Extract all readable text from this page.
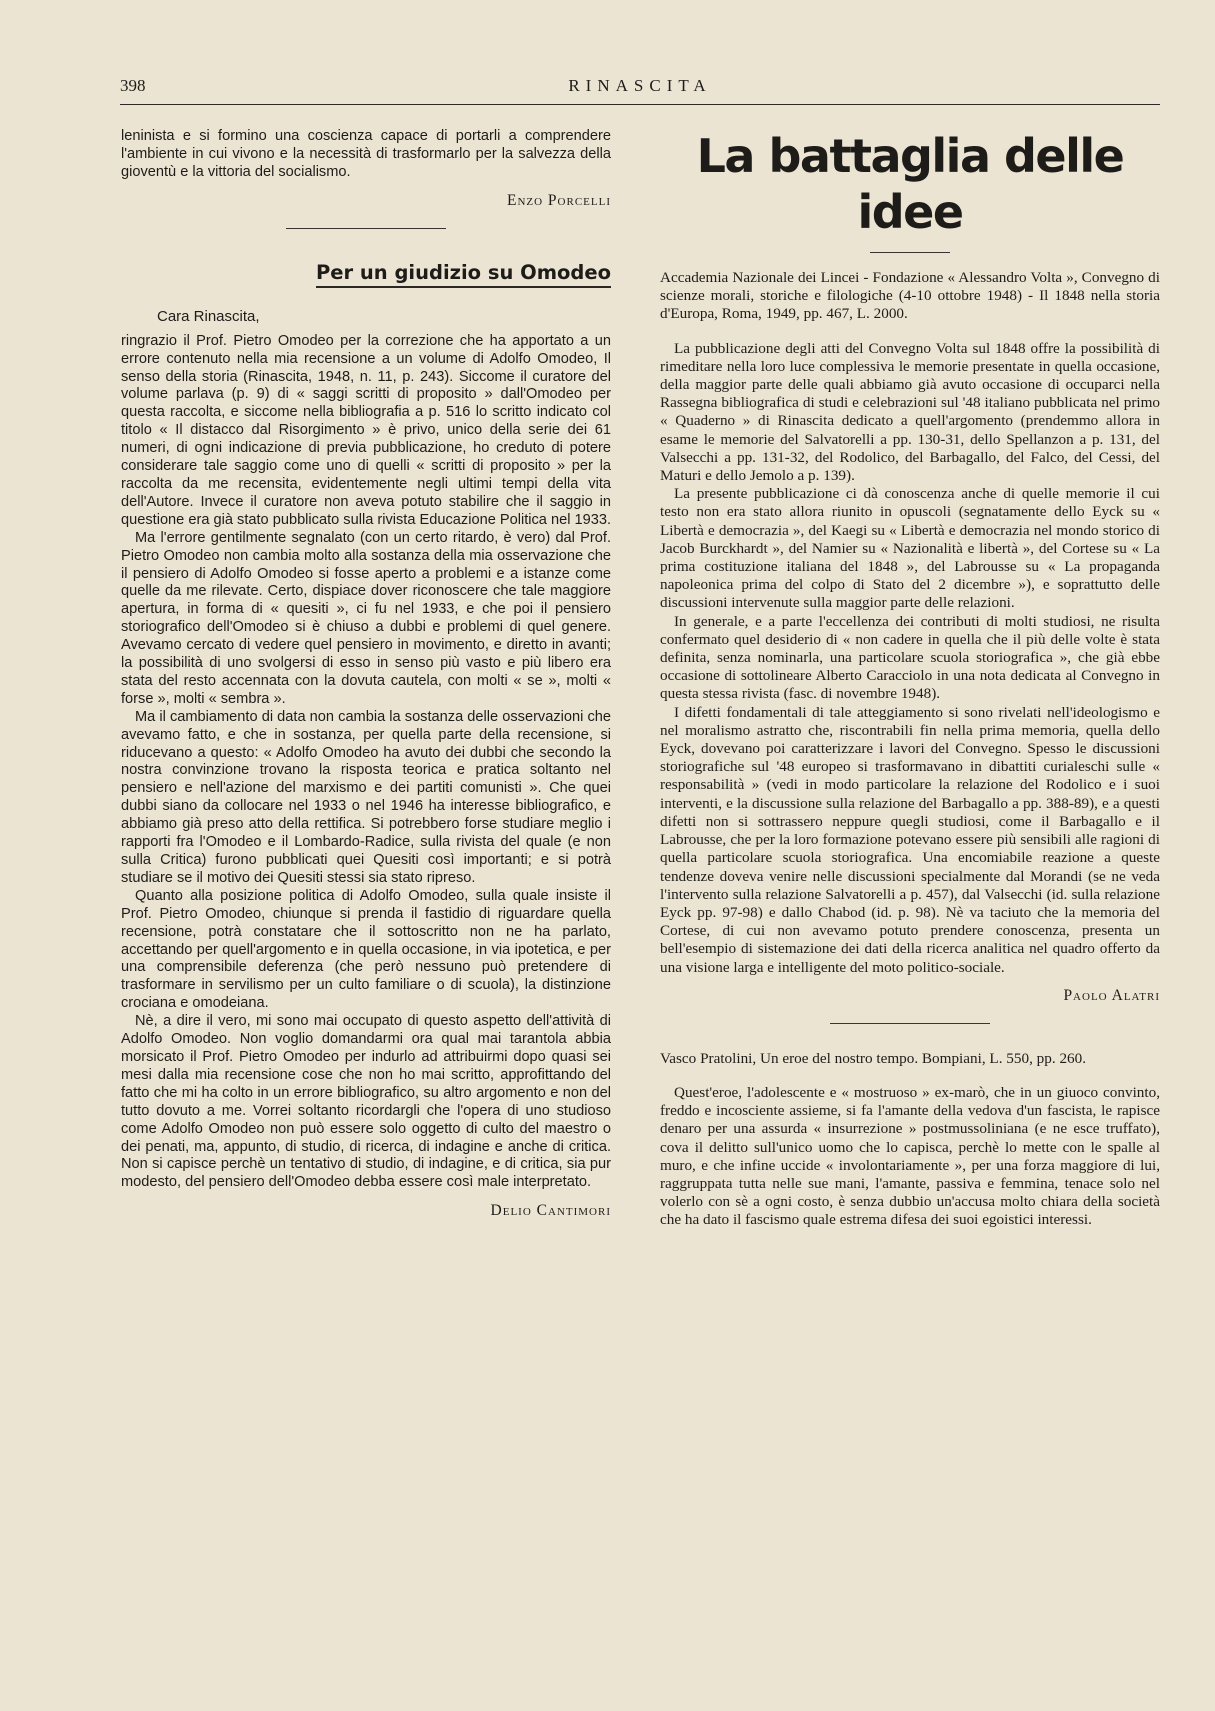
398	RINASCITA

leninista e si formino una coscienza capace di portarli a comprendere l'ambiente in cui vivono e la necessità di trasformarlo per la salvezza della gioventù e la vittoria del socialismo.

Enzo Porcelli
Per un giudizio su Omodeo
Cara Rinascita,

ringrazio il Prof. Pietro Omodeo per la correzione che ha apportato a un errore contenuto nella mia recensione a un volume di Adolfo Omodeo, Il senso della storia (Rinascita, 1948, n. 11, p. 243). Siccome il curatore del volume parlava (p. 9) di « saggi scritti di proposito » dall'Omodeo per questa raccolta, e siccome nella bibliografia a p. 516 lo scritto indicato col titolo « Il distacco dal Risorgimento » è privo, unico della serie dei 61 numeri, di ogni indicazione di previa pubblicazione, ho creduto di potere considerare tale saggio come uno di quelli « scritti di proposito » per la raccolta da me recensita, evidentemente negli ultimi tempi della vita dell'Autore. Invece il curatore non aveva potuto stabilire che il saggio in questione era già stato pubblicato sulla rivista Educazione Politica nel 1933.

Ma l'errore gentilmente segnalato (con un certo ritardo, è vero) dal Prof. Pietro Omodeo non cambia molto alla sostanza della mia osservazione che il pensiero di Adolfo Omodeo si fosse aperto a problemi e a istanze come quelle da me rilevate. Certo, dispiace dover riconoscere che tale maggiore apertura, in forma di « quesiti », ci fu nel 1933, e che poi il pensiero storiografico dell'Omodeo si è chiuso a dubbi e problemi di quel genere. Avevamo cercato di vedere quel pensiero in movimento, e diretto in avanti; la possibilità di uno svolgersi di esso in senso più vasto e più libero era stata del resto accennata con la dovuta cautela, con molti « se », molti « forse », molti « sembra ».

Ma il cambiamento di data non cambia la sostanza delle osservazioni che avevamo fatto, e che in sostanza, per quella parte della recensione, si riducevano a questo: « Adolfo Omodeo ha avuto dei dubbi che secondo la nostra convinzione trovano la risposta teorica e pratica soltanto nel pensiero e nell'azione del marxismo e dei partiti comunisti ». Che quei dubbi siano da collocare nel 1933 o nel 1946 ha interesse bibliografico, e abbiamo già preso atto della rettifica. Si potrebbero forse studiare meglio i rapporti fra l'Omodeo e il Lombardo-Radice, sulla rivista del quale (e non sulla Critica) furono pubblicati quei Quesiti così importanti; e si potrà studiare se il motivo dei Quesiti stessi sia stato ripreso.

Quanto alla posizione politica di Adolfo Omodeo, sulla quale insiste il Prof. Pietro Omodeo, chiunque si prenda il fastidio di riguardare quella recensione, potrà constatare che il sottoscritto non ne ha parlato, accettando per quell'argomento e in quella occasione, in via ipotetica, e per una comprensibile deferenza (che però nessuno può pretendere di trasformare in servilismo per un culto familiare o di scuola), la distinzione crociana e omodeiana.

Nè, a dire il vero, mi sono mai occupato di questo aspetto dell'attività di Adolfo Omodeo. Non voglio domandarmi ora qual mai tarantola abbia morsicato il Prof. Pietro Omodeo per indurlo ad attribuirmi dopo quasi sei mesi dalla mia recensione cose che non ho mai scritto, approfittando del fatto che mi ha colto in un errore bibliografico, su altro argomento e non del tutto dovuto a me. Vorrei soltanto ricordargli che l'opera di uno studioso come Adolfo Omodeo non può essere solo oggetto di culto del maestro o dei penati, ma, appunto, di studio, di ricerca, di indagine e anche di critica. Non si capisce perchè un tentativo di studio, di indagine, e di critica, sia pur modesto, del pensiero dell'Omodeo debba essere così male interpretato.

Delio Cantimori
La battaglia delle idee
Accademia Nazionale dei Lincei - Fondazione « Alessandro Volta », Convegno di scienze morali, storiche e filologiche (4-10 ottobre 1948) - Il 1848 nella storia d'Europa, Roma, 1949, pp. 467, L. 2000.

La pubblicazione degli atti del Convegno Volta sul 1848 offre la possibilità di rimeditare nella loro luce complessiva le memorie presentate in quella occasione, della maggior parte delle quali abbiamo già avuto occasione di occuparci nella Rassegna bibliografica di studi e celebrazioni sul '48 italiano pubblicata nel primo « Quaderno » di Rinascita dedicato a quell'argomento (prendemmo allora in esame le memorie del Salvatorelli a pp. 130-31, dello Spellanzon a p. 131, del Valsecchi a pp. 131-32, del Rodolico, del Barbagallo, del Falco, del Cessi, del Maturi e dello Jemolo a p. 139).

La presente pubblicazione ci dà conoscenza anche di quelle memorie il cui testo non era stato allora riunito in opuscoli (segnatamente dello Eyck su « Libertà e democrazia », del Kaegi su « Libertà e democrazia nel mondo storico di Jacob Burckhardt », del Namier su « Nazionalità e libertà », del Cortese su « La prima costituzione italiana del 1848 », del Labrousse su « La propaganda napoleonica prima del colpo di Stato del 2 dicembre »), e soprattutto delle discussioni intervenute sulla maggior parte delle relazioni.

In generale, e a parte l'eccellenza dei contributi di molti studiosi, ne risulta confermato quel desiderio di « non cadere in quella che il più delle volte è stata definita, senza nominarla, una particolare scuola storiografica », che già ebbe occasione di sottolineare Alberto Caracciolo in una nota dedicata al Convegno in questa stessa rivista (fasc. di novembre 1948).

I difetti fondamentali di tale atteggiamento si sono rivelati nell'ideologismo e nel moralismo astratto che, riscontrabili fin nella prima memoria, quella dello Eyck, dovevano poi caratterizzare i lavori del Convegno. Spesso le discussioni storiografiche sul '48 europeo si trasformavano in dibattiti curialeschi sulle « responsabilità » (vedi in modo particolare la relazione del Rodolico e i suoi interventi, e la discussione sulla relazione del Barbagallo a pp. 388-89), e a questi difetti non si sottrassero neppure quegli studiosi, come il Barbagallo e il Labrousse, che per la loro formazione potevano essere più sensibili alle ragioni di quella particolare scuola storiografica. Una encomiabile reazione a queste tendenze doveva venire nelle discussioni specialmente dal Morandi (se ne veda l'intervento sulla relazione Salvatorelli a p. 457), dal Valsecchi (id. sulla relazione Eyck pp. 97-98) e dallo Chabod (id. p. 98). Nè va taciuto che la memoria del Cortese, di cui non avevamo potuto prendere conoscenza, presenta un bell'esempio di sistemazione dei dati della ricerca analitica nel quadro offerto da una visione larga e intelligente del moto politico-sociale.

Paolo Alatri
Vasco Pratolini, Un eroe del nostro tempo. Bompiani, L. 550, pp. 260.

Quest'eroe, l'adolescente e « mostruoso » ex-marò, che in un giuoco convinto, freddo e incosciente assieme, si fa l'amante della vedova d'un fascista, le rapisce denaro per una assurda « insurrezione » postmussoliniana (e ne esce truffato), cova il delitto sull'unico uomo che lo capisca, perchè lo mette con le spalle al muro, e che infine uccide « involontariamente », per una forza maggiore di lui, raggruppata tutta nelle sue mani, l'amante, passiva e femmina, tenace solo nel volerlo con sè a ogni costo, è senza dubbio un'accusa molto chiara della società che ha dato il fascismo quale estrema difesa dei suoi egoistici interessi.
